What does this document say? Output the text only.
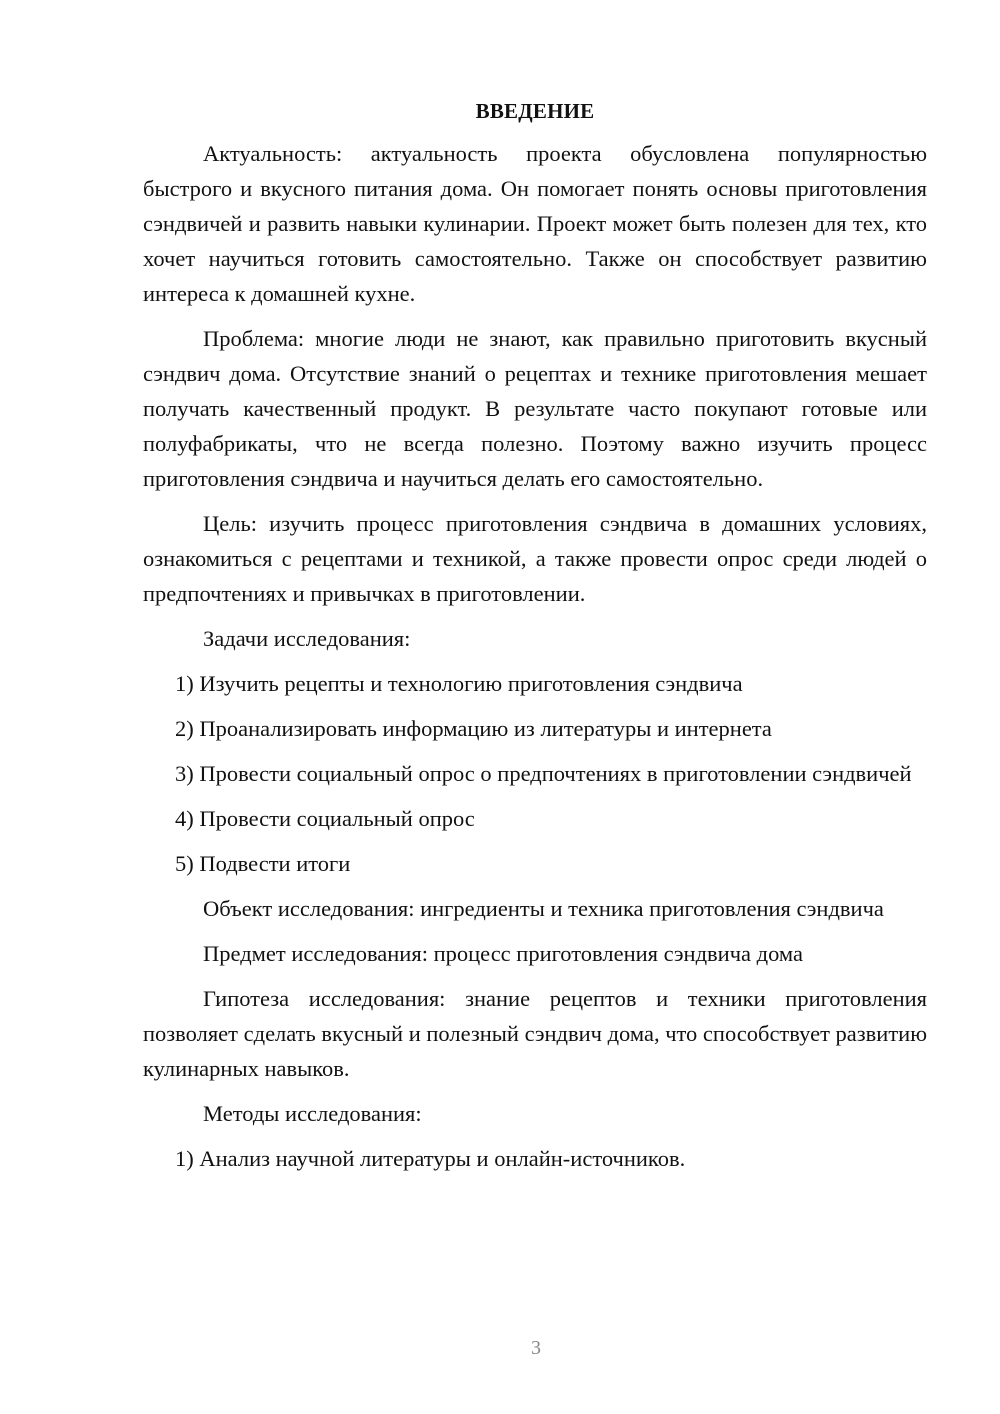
ВВЕДЕНИЕ

Актуальность: актуальность проекта обусловлена популярностью быстрого и вкусного питания дома. Он помогает понять основы приготовления сэндвичей и развить навыки кулинарии. Проект может быть полезен для тех, кто хочет научиться готовить самостоятельно. Также он способствует развитию интереса к домашней кухне.

Проблема: многие люди не знают, как правильно приготовить вкусный сэндвич дома. Отсутствие знаний о рецептах и технике приготовления мешает получать качественный продукт. В результате часто покупают готовые или полуфабрикаты, что не всегда полезно. Поэтому важно изучить процесс приготовления сэндвича и научиться делать его самостоятельно.

Цель: изучить процесс приготовления сэндвича в домашних условиях, ознакомиться с рецептами и техникой, а также провести опрос среди людей о предпочтениях и привычках в приготовлении.

Задачи исследования:

1) Изучить рецепты и технологию приготовления сэндвича

2) Проанализировать информацию из литературы и интернета

3) Провести социальный опрос о предпочтениях в приготовлении сэндвичей

4) Провести социальный опрос

5) Подвести итоги

Объект исследования: ингредиенты и техника приготовления сэндвича

Предмет исследования: процесс приготовления сэндвича дома

Гипотеза исследования: знание рецептов и техники приготовления позволяет сделать вкусный и полезный сэндвич дома, что способствует развитию кулинарных навыков.

Методы исследования:

1) Анализ научной литературы и онлайн-источников.

3
